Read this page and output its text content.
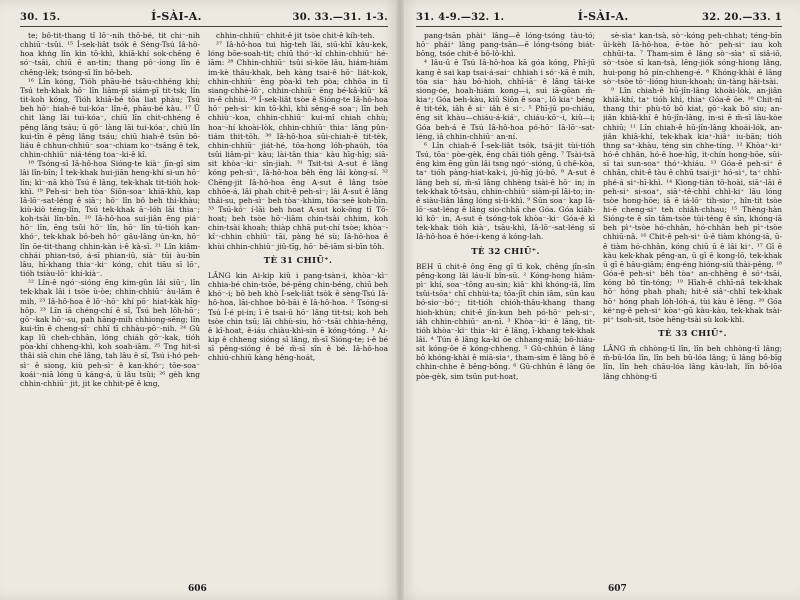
30. 15.	Í-SÀI-A.	30. 33.—31. 1-3.

te; bô-tit-thang tî lô⁻-nih thô-bé, tit chi⁻-nih chhiū⁻-tsûi. ¹⁵ Í-sek-liât tsók ê Sèng-Tsú Iâ-hô-hoa khṅg lîn kìn tō-khì, khiā-khí sok-chēng ê só⁻-tsāi, chiū ē an-tin; thang pô⁻-íong lîn ê chêng-lèk; tsóng-sī lîn bô-beh.

¹⁶ Lîn kóng, Tióh phāu-bé tsâu-chhéng khí; Tsú teh-khak hō⁻ lîn liām-pī siám-pī tit-tsk; lîn tit-koh kóng, Tióh khiā-bé tōa liat phàu; Tsú beh hō⁻ hiah-ê tui-kóa⁻ lîn-ê, phāu-bé kàu. ¹⁷ Ū chit làng lāi tui-kóa⁻, chiū lîn chit-chhéng ê pêng lâng tsáu; ū gō⁻ làng lāi tui-kóa⁻, chiū lîn kui-tîn ê pêng lâng tsáu; chiū hiah-ê tsûn bô-liáu ê chhun-chhiū⁻ soa⁻-chiam ko⁻-tsâng ê tek, chhin-chhiū⁻ niá-téng toa⁻-ki-ê kî.

¹⁸ Tsóng-sī Iâ-hô-hoa Sióng-te kià⁻ jīn-gî sim lâi lîn-bîn; Ì tek-khak hui-jiân heng-khí si-un hō⁻ lîn; kì⁻-nā khò Tsú ê lâng, tek-khak tit-tióh hok-khì. ¹⁹ Peh-si⁻ beh tòa⁻ Siōn-soa⁻ khiā-khù, kap Iâ-lō⁻-sat-léng ê siā⁻; hō⁻ lîn bô beh thi-khàu; kiù-kiò téng-lîn, Tsú tek-khak ā⁻-lóh lāi thia⁻; koh-tsài lîn-bîn. ²⁰ Iâ-hô-hoa sui-jiân ēng piá⁻ hō⁻ lîn, ēng tsûi hō⁻ lîn, hō⁻ lîn tú-tióh kan-khó⁻, tek-khak bô-beh hō⁻ gâu-lâng ún-kn, hō⁻ lîn ōe-tit-thang chhin-kàn i-ê kà-sī. ²¹ Lîn kiâm-chhái phian-tsó, á-sī phian-iū, sià⁻ tūi àu-bīn lâu, hī-khang thia⁻-ki⁻ kóng, chit tiāu sī lō⁻, tióh tsiàu-lō⁻ khí-kià⁻.

²² Lîn-ê ngó⁻-sióng ēng kim-gûn lâi siū⁻, lîn tek-khak lâi i tsòe ù-òe; chhin-chhiū⁻ àu-lām ê mih, ²³ Iâ-hô-hoa ē lō⁻-hō⁻ khí pō⁻ hiat-kàk hīg-hōp. ²³ Lîn iā chéng-chí ê sî, Tsú beh lōh-hō⁻; gō⁻-kak hō⁻-su, pah hāng-mih chhiong-sēng; lîn kui-tīn ê cheng-sî⁻ chhī tī chhàu-pō⁻-nih. ²⁴ Gû kap lû cheh-chhân, lóng chiáh gō⁻-kak, tióh pòa-khí chheng-khì, koh soah-iâm. ²⁵ Tng hit-sì thâi siā chin chē lâng, tah lâu ê sî, Tsú i-hó peh-sì⁻ ê siong, kiù peh-sì⁻ ê kan-khó⁻; tōe-soa⁻ koái⁻-niā lóng ū káng-á, ū lâu tsûi; ²⁶ gèh kng chhin-chhiū⁻ jit, jit ke chhit-pē ê kng,

chhin-chhiū⁻ chhit-ê jit tsòe chit-ê kíh-teh.

²⁷ Iâ-hô-hoa tui hīg-teh lâi, siū-khī kàu-kek, lóng bōe-soah-tit; chiū thó⁻-kí chhin-chhiū⁻ hé-iām: ²⁸ Chhin-chhiū⁻ tsûi si-kōe lâu, hiám-hiám im-kè thâu-khak, beh kàng tsai-ê hō⁻ liát-kok, chhin-chhiū⁻ ēng pòa-kì teh pòa; chhōa in tī siang-chhè-lō⁻, chhin-chhiū⁻ ēng bé-kâ-kiū⁻ kā in-ê chhùi. ²⁹ Í-sek-liât tsòe ê Sióng-te Iâ-hô-hoa hō⁻ peh-si⁻ kin tō-khì, khì sêng-ê soa⁻; lîn beh chhiù⁻-koa, chhin-chhiū⁻ kui-mî chiah chhù; hoa⁻-hí khoài-lòk, chhin-chhiū⁻ thia⁻ lâng pûn-tiám thit-tōh. ³⁰ Iâ-hô-hoa sūi-chiah-ê tit-tèk, chhin-chhiū⁻ jiát-hé, tōa-hong lóh-phaúh, tōa tsûi liâm-pì⁻ kàu; lài-tân thia⁻ kàu hīg-hīg; siā-sit khòa⁻-ki⁻ sîn-jiah. ³¹ Tsit-tsi A-sut ê lâng kóng peh-sì⁻, Iâ-hô-hoa bêh ēng lâi kòng-sí. ³² Chēng-jit Iâ-hô-hoa ēng A-sut ê lâng tsòe chhōe-á, lâi phah chit-ê peh-sì⁻; lâi A-sut ê lâng thâi-su, peh-sì⁻ beh tòa⁻-khim, tōa⁻seè koh-bīn. ³³ Tsū-kó⁻ í-lāi beh hoat A-sut kok-ông tī Tō-hoat; beh tsòe hō⁻-liām chin-tsài chhim, koh chin-tsài khoah; thiàp chhā put-chí tsòe; khòa⁻-kî⁻-chhin chhiū⁻ tāi, pàng hé sù; Iâ-hô-hoa ê khùi chhin-chhiū⁻ jiû-tīg, hō⁻ bē-iām si-bīn tôh.

TÈ 31 CHIŪ⁺.

LÂNG kin Ai-kip kiû i pang-tsàn-i, khòa⁻-kì⁻ chhia-bé chin-tsōe, bé-pēng chin-béng, chiū beh khó⁻-i; bô beh khò Í-sek-liât tsòk ê sèng-Tsú Iâ-hô-hoa, lāi-chhoe bô-bāi ê Iâ-hô-hoa. ² Tsóng-si Tsú Í-é pi-in; ī ē tsai-ū hō⁻ lâng tit-tsi; koh beh tsòe chin tsū; lāi chhù-siu, hō⁻-tsāi chhia-hêng, ê kî-hoat, ê-iáu chiàu-khì-sin ē kóng-tóng. ³ Ai-kip ê chheng sióng sī lâng, m̄-sī Sióng-te; i-ê bé sī pêng-sióng ê bé m̄-sī sîn ê bé. Iâ-hô-hoa chhiú-chhiū kàng hêng-hoát,

606
31. 4-9.—32. 1.	Í-SÀI-A.	32. 20.—33. 1

pang-tsān phài⁺ lâng—ê lóng-tsóng tàu-tó; hō⁻ phái⁺ lâng pang-tsān—ê lóng-tsóng biát-bông, tsóe chit-ê bô-lô-khì.

⁴ Iâu-ū ē Tsú Iâ-hô-hoa kā góa kóng, Phī-jū kang ê sai kap tsai-á-sai⁻ chhiah i só⁻-kā ê mih, tōa sia⁻ hàu bô-hioh, chhī-iā⁻ ê lâng tāi-ke siong-óe, hoah-hiám kong—i, sui iā-gōan m̄-kia⁺; Góa beh-kàu, kiû Siōn ê soa⁻, lō kia⁺ béng ê tit-ték, iâh ê si⁻ iâh ê si⁻. ⁵ Phī-jū po-chiáu, ēng sit khàu—chiáu-á-kiá⁻, chiáu-kō⁻-i, kiû—i; Góa beh-á ê Tsú Iâ-hô-hoa pó-hō⁻ Iâ-lō⁻-sat-léng, iâ chhin-chhiū⁻ an-ní.

⁶ Lîn chiah-ê Í-sek-liât tsók, tsá-jit tùi-tióh Tsú, tōa⁻ pòe-gèk, ēng chāi tióh gêng. ⁷ Tsài-tsā ēng kim ēng gûn lâi tsng ngó⁻-sióng, ū chē-kòa, ta⁺ tióh pàng-hiat-kak-i, jū-hīg jú-bō. ⁸ A-sut ê lâng beh sí, m̄-sī lâng chhèng tsài-ê hō⁻ in; in tek-khak tô-tsàu, chhin-chhiū⁻ siàm-pī lâi-to; in-ê siàu-liân lâng lóng si-li-khì. ⁹ Sūn soa⁻ kap Iâ-lō⁻-sat-léng ê lâng sio-chhā che Góa. Góa kiâh-kì kō⁻ in, A-sut ê tsóng-tok khòa⁻-ki⁻ Góa-ê kì tek-khak tióh kià⁻, tsāu-khì, Iâ-lō⁻-sat-léng sī Iâ-hô-hoa ê hóe-i-keng á kóng-lah.

TÈ 32 CHIŪ⁺.

BEH ū chit-ê ông ēng gī tī kok, chêng jîn-sîn pêng-kong lâi láu-lí bîn-sū. ² Kóng-hong hiâm-pì⁻ khí, soa⁻-tōng au-sin; kiâ⁻ khì khóng-iā, lîm tsûi-tsōa⁺ chī chhùi-ta; tōa-jīt chin iâm, sūn kau bó-sio⁻-bó⁻; tit-tióh chióh-thâu-khang thang hioh-khùn; chit-ê jîn-kun beh pó-hō⁻ peh-si⁻, iâh chhin-chhiū⁻ an-nī. ³ Khòa⁻-ki⁻ ê lâng, tit-tióh khòa⁻-ki⁻ thia⁻-ki⁻ ê lâng, ī-khang tek-khak lâi. ⁴ Tún ê lâng ka-ki ōe chhang-miā; bô-hiáu-sit kóng-ōe ē kóng-chheng. ⁵ Gû-chhún ê lâng bô khóng-khài ê miā-sia⁺, tham-sim ê lâng bô ē chhin-chhe ê bêng-bông. ⁶ Gû-chhún ê lâng ōe pòe-gèk, sim tsūn put-hoat,

sè-sìa⁺ kan-tsà, sò⁻-kóng peh-chhat; téng-bīn ūi-kèh Iâ-hô-hoa, ē-tòe hō⁻ peh-si⁻ iau koh chhūi-ta. ⁷ Tham-sim ê lâng sò⁻-sìa⁺ sī siâ-iō, sò⁻-tsòe sī kan-tsà, lēng-jiók sóng-hiong lâng, hui-pong hō pin-chheng-é. ⁸ Khóng-khài ê lâng sò⁻-tsòe tō⁻-lióng hiun-khoah; ūn-tàng hāi-tsài.

⁹ Lîn chiah-ê hū-jîn-lâng khoài-lòk, an-jiân khiā-khí, ta⁺ tióh khì, thia⁺ Góa-ê ōe. ¹⁰ Chit-nī thang thi⁻ phù-tō bô kiat, gō⁻-kak bô siu; an-jiân khiā-khí ê hū-jîn-lâng, in-si ē m̄-sī lāu-kòe chhiū; ¹¹ Lîn chiah-ê hū-jîn-lâng khoái-lók, an-jiân khiā-khí, tek-khak kia⁺-hiâ⁺ iu-bān; tióh thng sa⁺-khàu, téng sin chhe-tíng. ¹² Khòa⁺-ki⁺ hó-ê chhân, hó-ê hoe-hīg, it-chín hong-bōe, sūi-sī tai sun-soa⁺ thó⁺-khiáu. ¹³ Góa-ê peh-si⁺ ê chhân, chit-ê tàu ê chhū tsai-ji⁺ hó-si⁺, ta⁺ chhī-phé-á si⁺-hī-khì. ¹⁴ Kiong-tiàn tō-hoài, siā⁺-lāi ê peh-si⁺ si-soa⁺, siā⁺-tê-chhì chhì-ki⁺ lâu lóng tsòe hong-hōe; iā ē iá-lō⁻ tih-sio⁻, hîn-tit tsòe hi-ē cheng-si⁺ teh chiâh-chhau; ¹⁵ Thèng-hàn Sióng-te ê sîn tâm-tsòe tùi-téng ê sîn, khóng-iā beh pì⁺-tsòe hó-chhân, hó-chhân beh pì⁺-tsòe chhiū-nâ. ¹⁶ Chit-ê peh-si⁺ ū-ê tiàm khóng-iā, ū-ê tiàm hó-chhân, kóng chiū ū ê lâi ki⁺. ¹⁷ Gī ē kàu kek-khak pêng-an, ū gī ē kong-lō, tek-khak ū gī ē hāu-giām; ēng-éng hióng-siū thài-pêng. ¹⁸ Góa-ê peh-si⁺ bêh tòa⁺ an-chhēng ê só⁺-tsāi, kóng bô tîn-tóng; ¹⁹ Hîah-ê chhī-nâ tek-khak hō⁻ hóng phah phah; hit-ê siâ⁺-chhī tek-khak hō⁺ hóng phah lóh-lóh-á, tùi kàu ē lēng. ²⁰ Góa ké⁺ng-ê peh-si⁺ kòa⁺-gū kàu-kàu, tek-khak tsài-pi⁺ tsoh-sit, tsòe hêng-tsài sù kok-khì.

TÈ 33 CHIŪ⁺.

LÂNG m̄ chhòng-tī lîn, lîn beh chhòng-tī lâng; m̄-bū-lóa lîn, lîn beh bū-lóa lâng; ū lâng bô-bīg lîn, lîn beh chāu-lóa lâng kàu-lah, lîn bô-lōa lâng chhòng-tī

607
